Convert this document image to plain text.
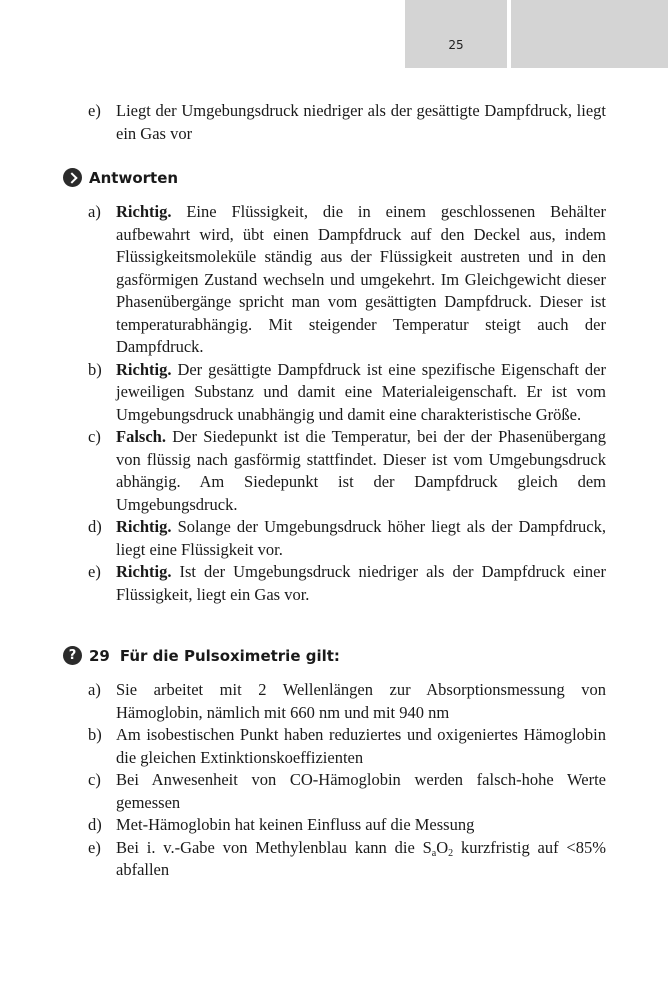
25
e) Liegt der Umgebungsdruck niedriger als der gesättigte Dampfdruck, liegt ein Gas vor
Antworten
a) Richtig. Eine Flüssigkeit, die in einem geschlossenen Behälter aufbewahrt wird, übt einen Dampfdruck auf den Deckel aus, indem Flüssigkeitsmoleküle ständig aus der Flüssigkeit austreten und in den gasförmigen Zustand wechseln und umgekehrt. Im Gleichgewicht dieser Phasenübergänge spricht man vom gesättigten Dampfdruck. Dieser ist temperaturabhängig. Mit steigender Temperatur steigt auch der Dampfdruck.
b) Richtig. Der gesättigte Dampfdruck ist eine spezifische Eigenschaft der jeweiligen Substanz und damit eine Materialeigenschaft. Er ist vom Umgebungsdruck unabhängig und damit eine charakteristische Größe.
c) Falsch. Der Siedepunkt ist die Temperatur, bei der der Phasenübergang von flüssig nach gasförmig stattfindet. Dieser ist vom Umgebungsdruck abhängig. Am Siedepunkt ist der Dampfdruck gleich dem Umgebungsdruck.
d) Richtig. Solange der Umgebungsdruck höher liegt als der Dampfdruck, liegt eine Flüssigkeit vor.
e) Richtig. Ist der Umgebungsdruck niedriger als der Dampfdruck einer Flüssigkeit, liegt ein Gas vor.
? 29 Für die Pulsoximetrie gilt:
a) Sie arbeitet mit 2 Wellenlängen zur Absorptionsmessung von Hämoglobin, nämlich mit 660 nm und mit 940 nm
b) Am isobestischen Punkt haben reduziertes und oxigeniertes Hämoglobin die gleichen Extinktionskoeffizienten
c) Bei Anwesenheit von CO-Hämoglobin werden falsch-hohe Werte gemessen
d) Met-Hämoglobin hat keinen Einfluss auf die Messung
e) Bei i. v.-Gabe von Methylenblau kann die $S_aO_2$ kurzfristig auf <85% abfallen
